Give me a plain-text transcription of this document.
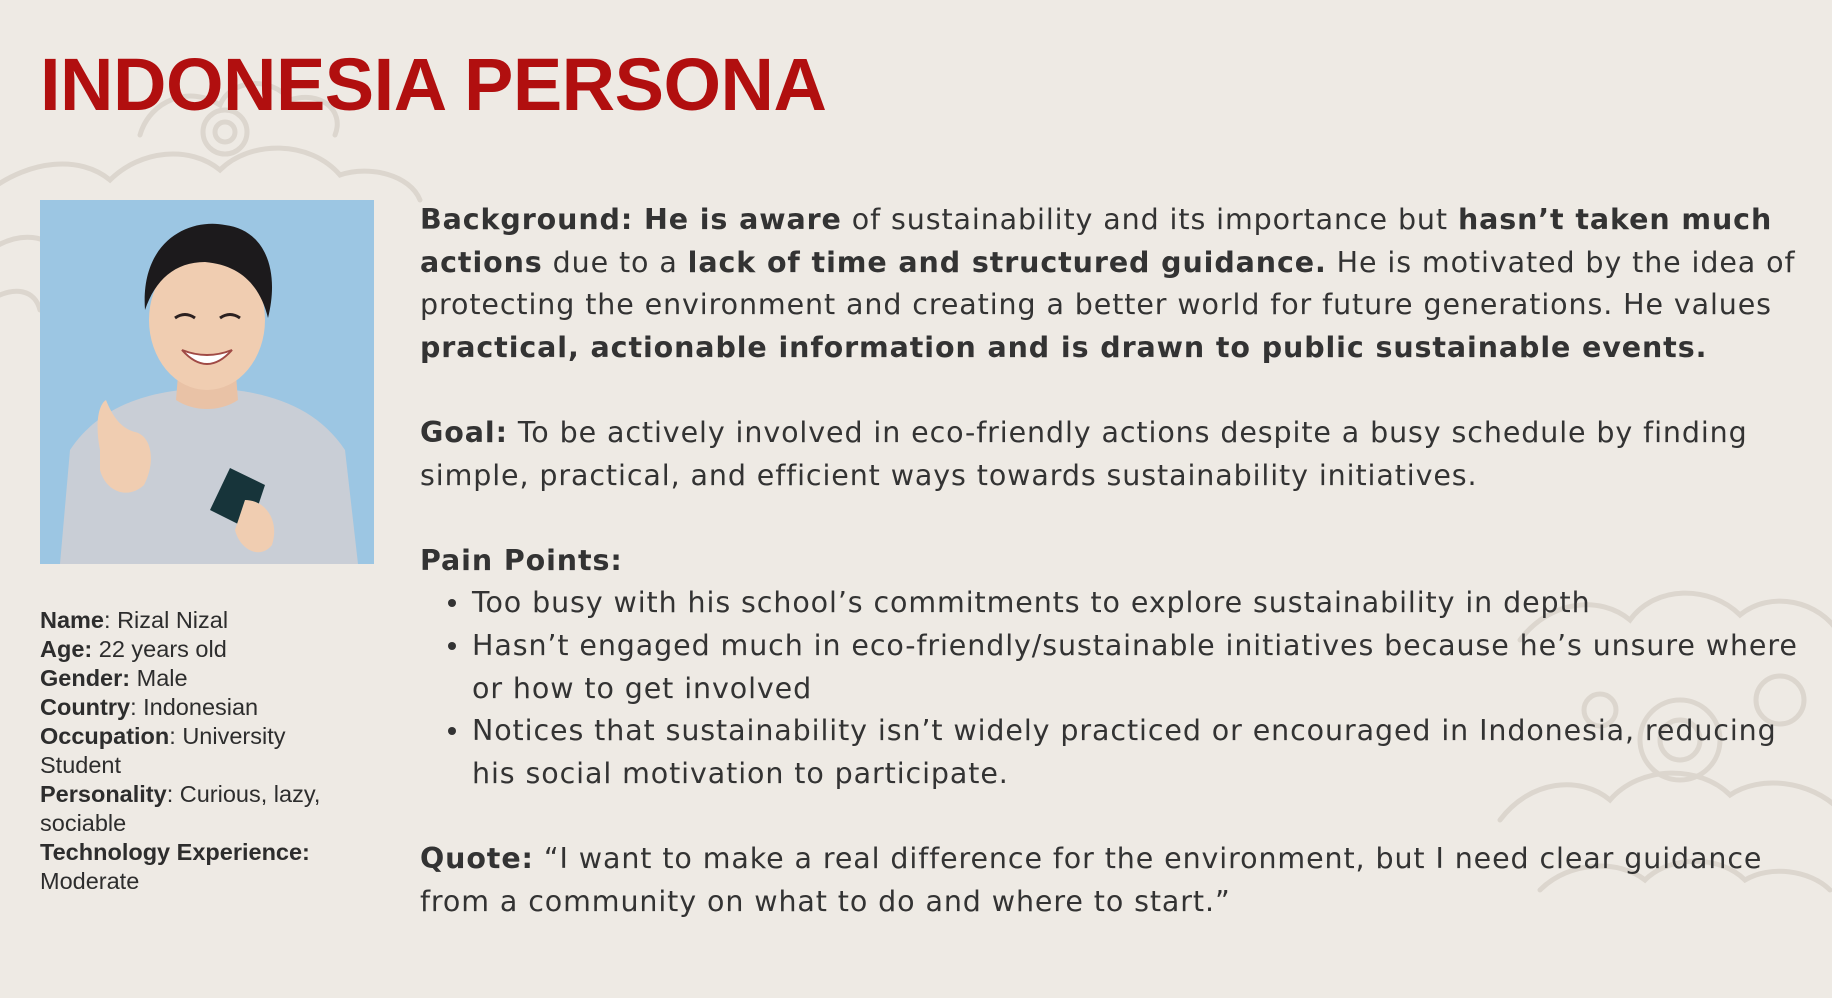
INDONESIA PERSONA

Name: Rizal Nizal

Age: 22 years old

Gender: Male

Country: Indonesian

Occupation: University Student

Personality: Curious, lazy, sociable

Technology Experience:
Moderate

Background: He is aware of sustainability and its importance but hasn’t taken much actions due to a lack of time and structured guidance. He is motivated by the idea of protecting the environment and creating a better world for future generations. He values practical, actionable information and is drawn to public sustainable events.

Goal: To be actively involved in eco-friendly actions despite a busy schedule by finding simple, practical, and efficient ways towards sustainability initiatives.

Pain Points:

Too busy with his school’s commitments to explore sustainability in depth
Hasn’t engaged much in eco-friendly/sustainable initiatives because he’s unsure where or how to get involved
Notices that sustainability isn’t widely practiced or encouraged in Indonesia, reducing his social motivation to participate.

Quote: “I want to make a real difference for the environment, but I need clear guidance from a community on what to do and where to start.”
